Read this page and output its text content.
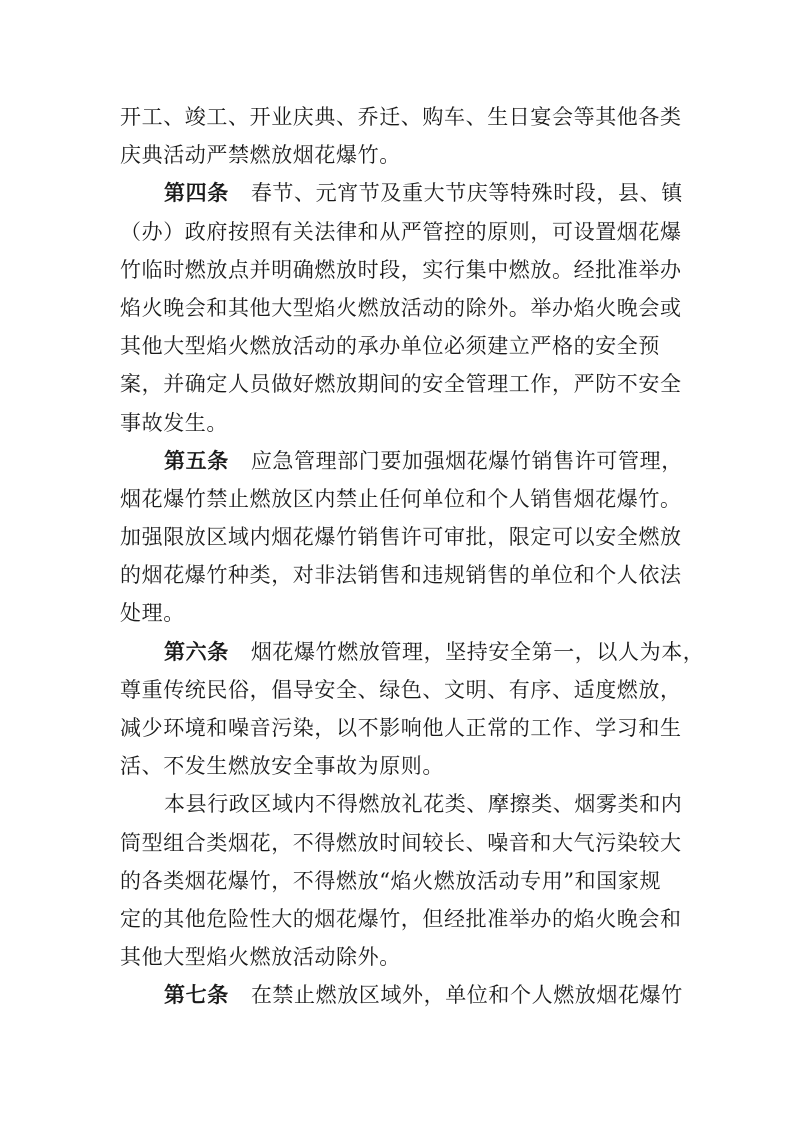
开工、竣工、开业庆典、乔迁、购车、生日宴会等其他各类
庆典活动严禁燃放烟花爆竹。
第四条 春节、元宵节及重大节庆等特殊时段，县、镇
（办）政府按照有关法律和从严管控的原则，可设置烟花爆
竹临时燃放点并明确燃放时段，实行集中燃放。经批准举办
焰火晚会和其他大型焰火燃放活动的除外。举办焰火晚会或
其他大型焰火燃放活动的承办单位必须建立严格的安全预
案，并确定人员做好燃放期间的安全管理工作，严防不安全
事故发生。
第五条 应急管理部门要加强烟花爆竹销售许可管理，
烟花爆竹禁止燃放区内禁止任何单位和个人销售烟花爆竹。
加强限放区域内烟花爆竹销售许可审批，限定可以安全燃放
的烟花爆竹种类，对非法销售和违规销售的单位和个人依法
处理。
第六条 烟花爆竹燃放管理，坚持安全第一，以人为本，
尊重传统民俗，倡导安全、绿色、文明、有序、适度燃放，
减少环境和噪音污染，以不影响他人正常的工作、学习和生
活、不发生燃放安全事故为原则。
本县行政区域内不得燃放礼花类、摩擦类、烟雾类和内
筒型组合类烟花，不得燃放时间较长、噪音和大气污染较大
的各类烟花爆竹，不得燃放“焰火燃放活动专用”和国家规
定的其他危险性大的烟花爆竹，但经批准举办的焰火晚会和
其他大型焰火燃放活动除外。
第七条 在禁止燃放区域外，单位和个人燃放烟花爆竹
